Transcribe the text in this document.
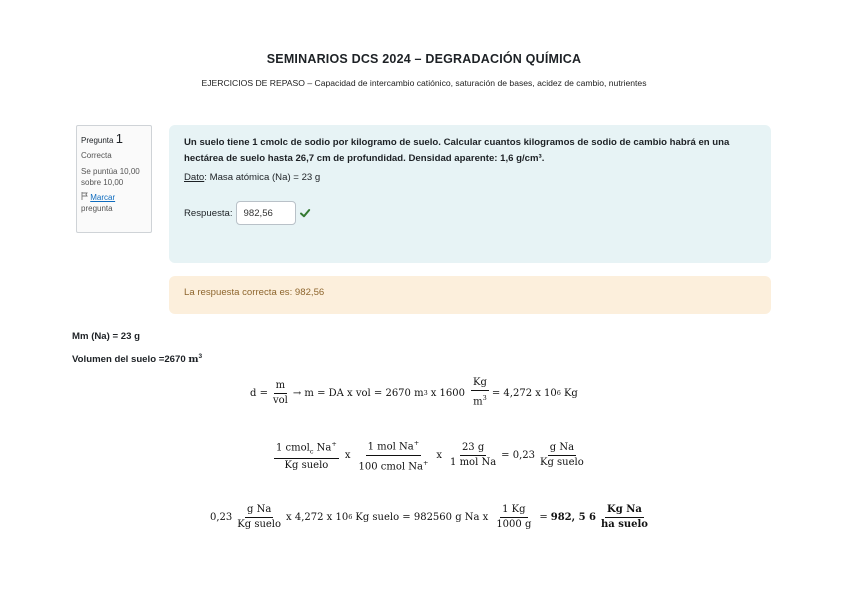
SEMINARIOS DCS 2024 – DEGRADACIÓN QUÍMICA
EJERCICIOS DE REPASO – Capacidad de intercambio catiónico, saturación de bases, acidez de cambio, nutrientes
Pregunta 1
Correcta
Se puntúa 10,00
sobre 10,00
Marcar
pregunta
Un suelo tiene 1 cmolc de sodio por kilogramo de suelo. Calcular cuantos kilogramos de sodio de cambio habrá en una hectárea de suelo hasta 26,7 cm de profundidad. Densidad aparente: 1,6 g/cm³.
Dato: Masa atómica (Na) = 23 g
Respuesta:
982,56
La respuesta correcta es: 982,56
Mm (Na) = 23 g
Volumen del suelo =2670 $m^3$
$d = \frac{m}{\text{vol}} \to m$ = DA x vol = 2670 m 3 x $1600 \frac{Kg}{m^3} = 4,272$ x 10 6 Kg
$\frac{1 cmol_c Na^+}{\text{Kg suelo}}$ x $\frac{1 mol Na^+}{100 cmol Na^+}$ x $\frac{23 g}{\text{1 mol Na}} = 0,23 \frac{\text{g Na}}{\text{Kg suelo}}$
$0,23 \frac{\text{g Na}}{\text{Kg suelo}}$ x 4,272 x 10 6 Kg suelo = 982560 g Na x $\frac{1 Kg}{1000 g} = 982$, 5 $6 \frac{\text{Kg Na}}{\text{ha suelo}}$
